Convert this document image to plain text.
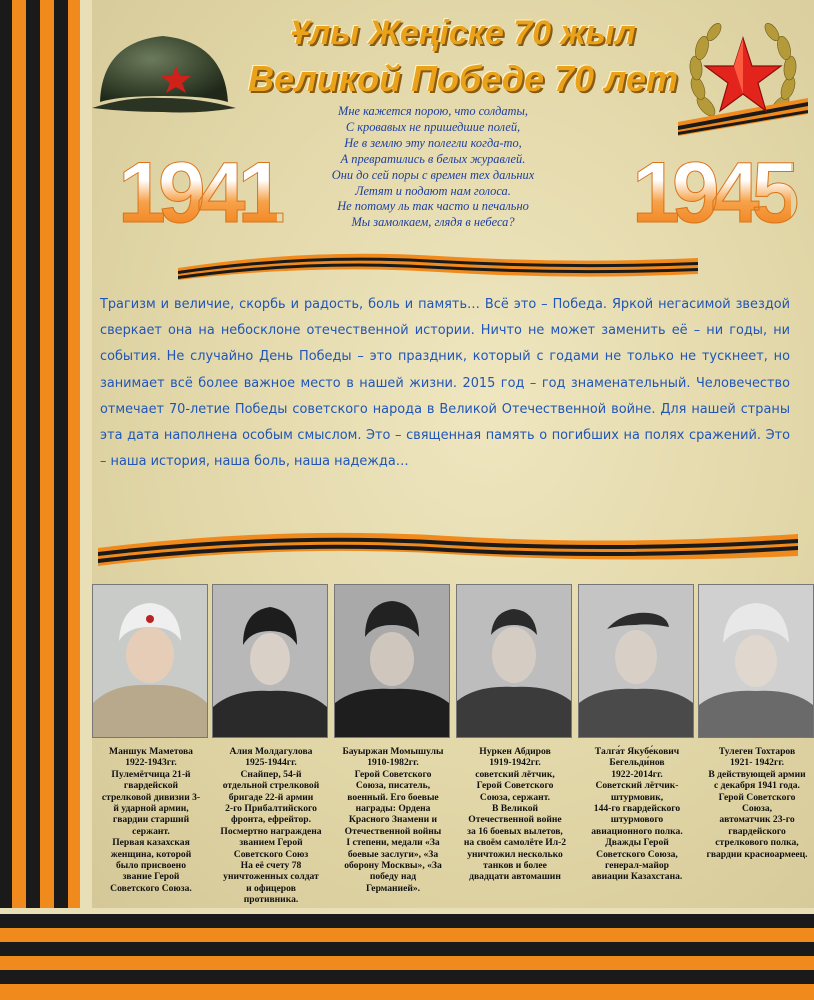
Ұлы Жеңіске 70 жыл
Великой Победе 70 лет
1941	1945
Мне кажется порою, что солдаты,
С кровавых не пришедшие полей,
Не в землю эту полегли когда-то,
А превратились в белых журавлей.
Они до сей поры с времен тех дальних
Летят и подают нам голоса.
Не потому ль так часто и печально
Мы замолкаем, глядя в небеса?

Трагизм и величие, скорбь и радость, боль и память… Всё это – Победа. Яркой негасимой звездой сверкает она на небосклоне отечественной истории. Ничто не может заменить её – ни годы, ни события. Не случайно День Победы – это праздник, который с годами не только не тускнеет, но занимает всё более важное место в нашей жизни. 2015 год – год знаменательный. Человечество отмечает 70-летие Победы советского народа в Великой Отечественной войне. Для нашей страны эта дата наполнена особым смыслом. Это – священная память о погибших на полях сражений. Это – наша история, наша боль, наша надежда…

Маншук Маметова
1922-1943гг.
Пулемётчица 21-й
гвардейской
стрелковой дивизии 3-
й ударной армии,
гвардии старший
сержант.
Первая казахская
женщина, которой
было присвоено
звание Герой
Советского Союза.
Алия Молдагулова
1925-1944гг.
Снайпер, 54-й
отдельной стрелковой
бригаде 22-й армии
2-го Прибалтийского
фронта, ефрейтор.
Посмертно награждена
званием Герой
Советского Союз
На её счету 78
уничтоженных солдат
и офицеров
противника.
Бауыржан Момышулы
1910-1982гг.
Герой Советского
Союза, писатель,
военный. Его боевые
награды: Ордена
Красного Знамени и
Отечественной войны
I степени, медали «За
боевые заслуги», «За
оборону Москвы», «За
победу над
Германией».
Нуркен Абдиров
1919-1942гг.
советский лётчик,
Герой Советского
Союза, сержант.
В Великой
Отечественной войне
за 16 боевых вылетов,
на своём самолёте Ил-2
уничтожил несколько
танков и более
двадцати автомашин
Талга́т Якубе́кович
Бегельди́нов
1922-2014гг.
Советский лётчик-
штурмовик,
144-го гвардейского
штурмового
авиационного полка.
Дважды Герой
Советского Союза,
генерал-майор
авиации Казахстана.
Тулеген Тохтаров
1921- 1942гг.
В действующей армии
с декабря 1941 года.
Герой Советского
Союза,
автоматчик 23-го
гвардейского
стрелкового полка,
гвардии красноармеец.
